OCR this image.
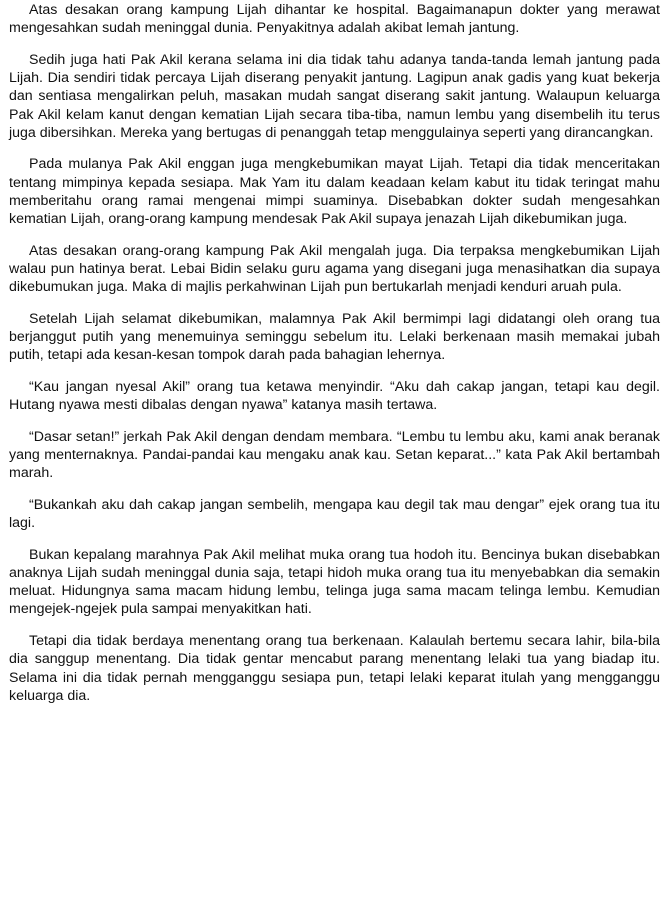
Atas desakan orang kampung Lijah dihantar ke hospital. Bagaimanapun dokter yang merawat mengesahkan sudah meninggal dunia. Penyakitnya adalah akibat lemah jantung.

Sedih juga hati Pak Akil kerana selama ini dia tidak tahu adanya tanda-tanda lemah jantung pada Lijah. Dia sendiri tidak percaya Lijah diserang penyakit jantung. Lagipun anak gadis yang kuat bekerja dan sentiasa mengalirkan peluh, masakan mudah sangat diserang sakit jantung. Walaupun keluarga Pak Akil kelam kanut dengan kematian Lijah secara tiba-tiba, namun lembu yang disembelih itu terus juga dibersihkan. Mereka yang bertugas di penanggah tetap menggulainya seperti yang dirancangkan.

Pada mulanya Pak Akil enggan juga mengkebumikan mayat Lijah. Tetapi dia tidak menceritakan tentang mimpinya kepada sesiapa. Mak Yam itu dalam keadaan kelam kabut itu tidak teringat mahu memberitahu orang ramai mengenai mimpi suaminya. Disebabkan dokter sudah mengesahkan kematian Lijah, orang-orang kampung mendesak Pak Akil supaya jenazah Lijah dikebumikan juga.

Atas desakan orang-orang kampung Pak Akil mengalah juga. Dia terpaksa mengkebumikan Lijah walau pun hatinya berat. Lebai Bidin selaku guru agama yang disegani juga menasihatkan dia supaya dikebumukan juga. Maka di majlis perkahwinan Lijah pun bertukarlah menjadi kenduri aruah pula.

Setelah Lijah selamat dikebumikan, malamnya Pak Akil bermimpi lagi didatangi oleh orang tua berjanggut putih yang menemuinya seminggu sebelum itu. Lelaki berkenaan masih memakai jubah putih, tetapi ada kesan-kesan tompok darah pada bahagian lehernya.

“Kau jangan nyesal Akil” orang tua ketawa menyindir. “Aku dah cakap jangan, tetapi kau degil. Hutang nyawa mesti dibalas dengan nyawa” katanya masih tertawa.

“Dasar setan!” jerkah Pak Akil dengan dendam membara. “Lembu tu lembu aku, kami anak beranak yang menternaknya. Pandai-pandai kau mengaku anak kau. Setan keparat...” kata Pak Akil bertambah marah.

“Bukankah aku dah cakap jangan sembelih, mengapa kau degil tak mau dengar” ejek orang tua itu lagi.

Bukan kepalang marahnya Pak Akil melihat muka orang tua hodoh itu. Bencinya bukan disebabkan anaknya Lijah sudah meninggal dunia saja, tetapi hidoh muka orang tua itu menyebabkan dia semakin meluat. Hidungnya sama macam hidung lembu, telinga juga sama macam telinga lembu. Kemudian mengejek-ngejek pula sampai menyakitkan hati.

Tetapi dia tidak berdaya menentang orang tua berkenaan. Kalaulah bertemu secara lahir, bila-bila dia sanggup menentang. Dia tidak gentar mencabut parang menentang lelaki tua yang biadap itu. Selama ini dia tidak pernah mengganggu sesiapa pun, tetapi lelaki keparat itulah yang mengganggu keluarga dia.
